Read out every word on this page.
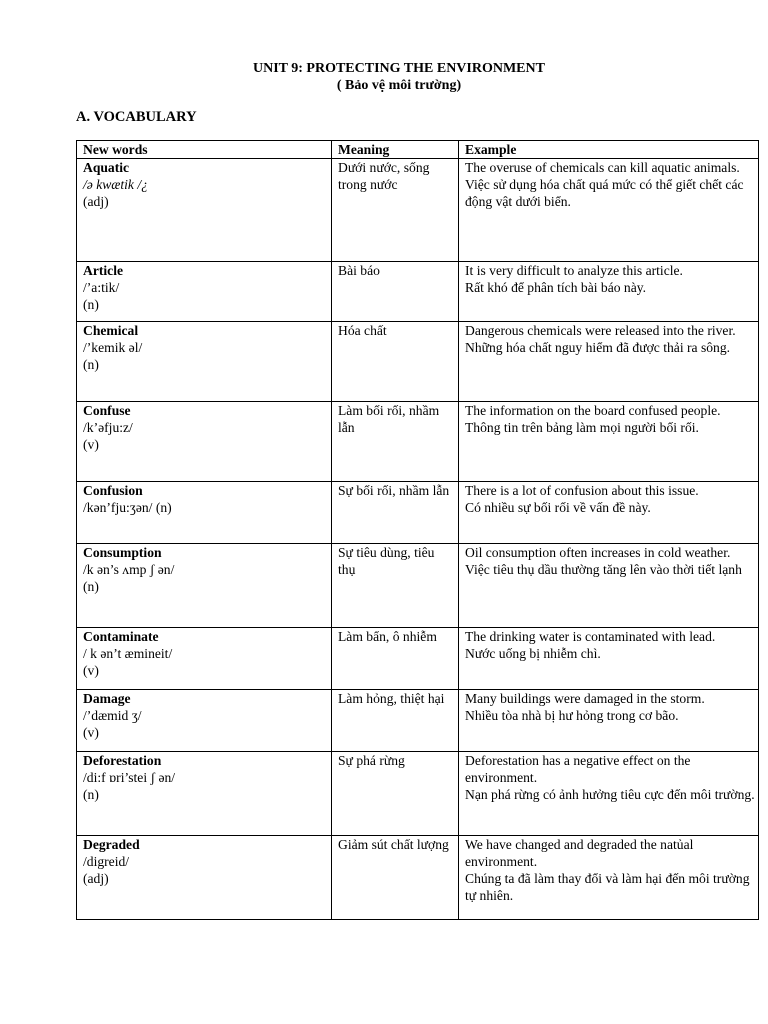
UNIT 9: PROTECTING THE ENVIRONMENT
( Bảo vệ môi trường)
A. VOCABULARY
New words	Meaning	Example

Aquatic
/ə kwætik /¿
(adj)	Dưới nước, sống trong nước	The overuse of chemicals can kill aquatic animals.
Việc sử dụng hóa chất quá mức có thể giết chết các động vật dưới biển.

Article
/’a:tik/
(n)	Bài báo	It is very difficult to analyze this article.
Rất khó để phân tích bài báo này.

Chemical
/’kemik əl/
(n)	Hóa chất	Dangerous chemicals were released into the river.
Những hóa chất nguy hiểm đã được thải ra sông.

Confuse
/k’əfju:z/
(v)	Làm bối rối, nhầm lẫn	The information on the board confused people.
Thông tin trên bảng làm mọi người bối rối.

Confusion
/kən’fju:ʒən/ (n)	Sự bối rối, nhầm lẫn	There is a lot of confusion about this issue.
Có nhiều sự bối rối về vấn đề này.

Consumption
/k ən’s ʌmp ʃ ən/
(n)	Sự tiêu dùng, tiêu thụ	Oil consumption often increases in cold weather.
Việc tiêu thụ dầu thường tăng lên vào thời tiết lạnh

Contaminate
/ k ən’t æmineit/
(v)	Làm bẩn, ô nhiễm	The drinking water is contaminated with lead.
Nước uống bị nhiễm chì.

Damage
/’dæmid ʒ/
(v)	Làm hỏng, thiệt hại	Many buildings were damaged in the storm.
Nhiều tòa nhà bị hư hỏng trong cơ bão.

Deforestation
/di:f ɒri’stei ʃ ən/
(n)	Sự phá rừng	Deforestation has a negative effect on the environment.
Nạn phá rừng có ảnh hưởng tiêu cực đến môi trường.

Degraded
/digreid/
(adj)	Giảm sút chất lượng	We have changed and degraded the natủal environment.
Chúng ta đã làm thay đổi và làm hại đến môi trường tự nhiên.
